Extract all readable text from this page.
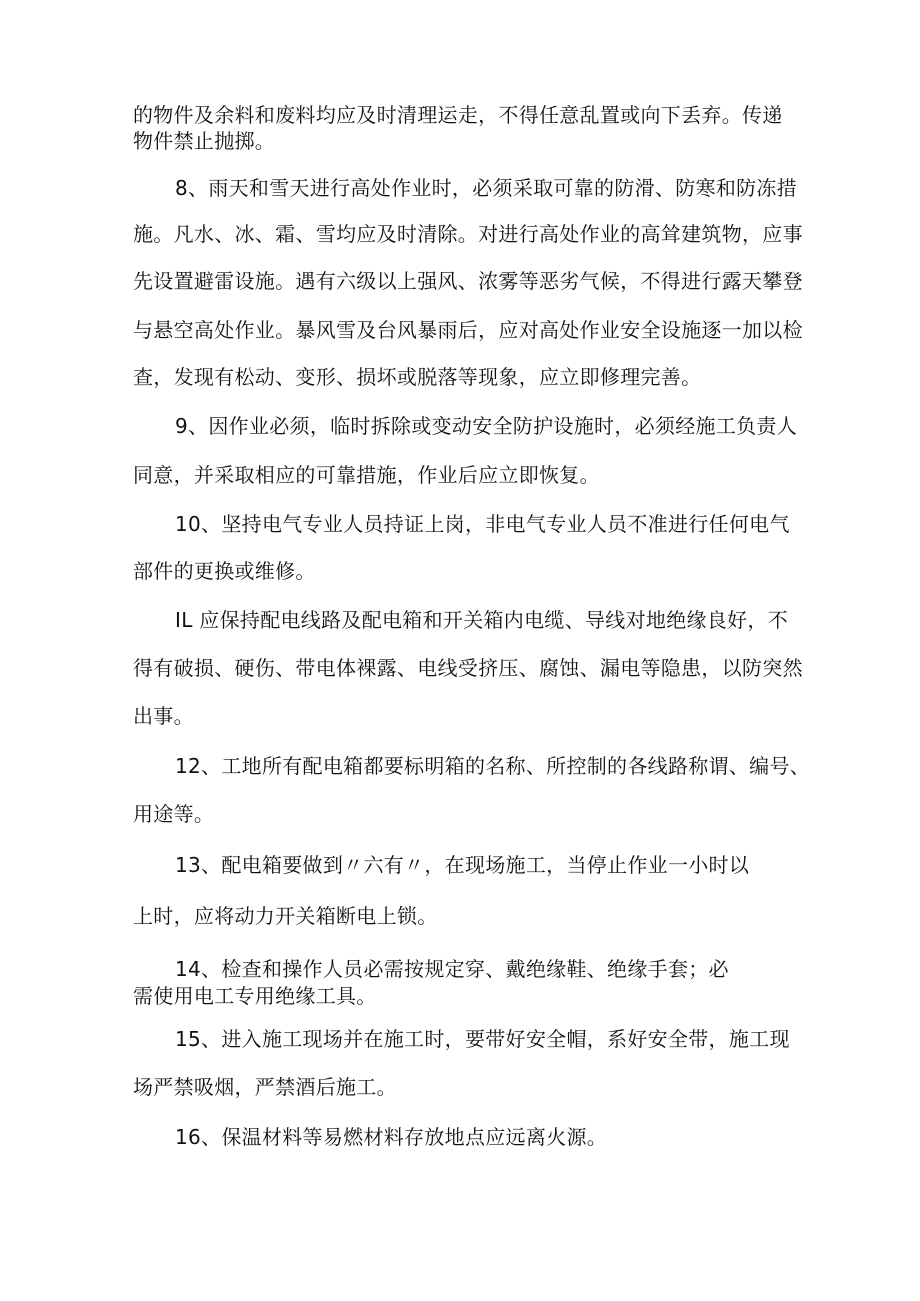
的物件及余料和废料均应及时清理运走，不得任意乱置或向下丢弃。传递
物件禁止抛掷。
8、雨天和雪天进行高处作业时，必须采取可靠的防滑、防寒和防冻措
施。凡水、冰、霜、雪均应及时清除。对进行高处作业的高耸建筑物，应事
先设置避雷设施。遇有六级以上强风、浓雾等恶劣气候，不得进行露天攀登
与悬空高处作业。暴风雪及台风暴雨后，应对高处作业安全设施逐一加以检
查，发现有松动、变形、损坏或脱落等现象，应立即修理完善。
9、因作业必须，临时拆除或变动安全防护设施时，必须经施工负责人
同意，并采取相应的可靠措施，作业后应立即恢复。
10、坚持电气专业人员持证上岗，非电气专业人员不准进行任何电气
部件的更换或维修。
IL 应保持配电线路及配电箱和开关箱内电缆、导线对地绝缘良好，不
得有破损、硬伤、带电体裸露、电线受挤压、腐蚀、漏电等隐患，以防突然
出事。
12、工地所有配电箱都要标明箱的名称、所控制的各线路称谓、编号、
用途等。
13、配电箱要做到〃六有〃，在现场施工，当停止作业一小时以
上时，应将动力开关箱断电上锁。
14、检查和操作人员必需按规定穿、戴绝缘鞋、绝缘手套；必
需使用电工专用绝缘工具。
15、进入施工现场并在施工时，要带好安全帽，系好安全带，施工现
场严禁吸烟，严禁酒后施工。
16、保温材料等易燃材料存放地点应远离火源。
